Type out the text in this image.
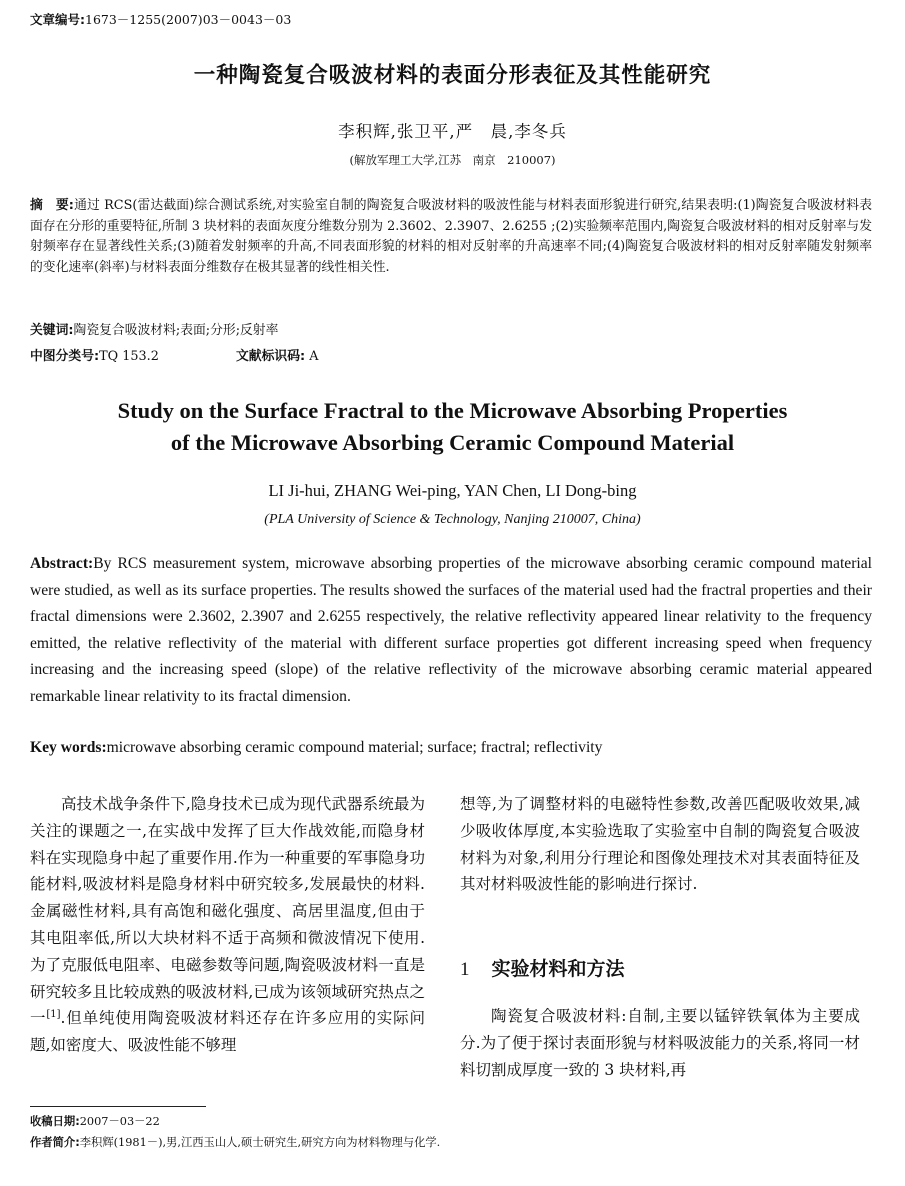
文章编号:1673－1255(2007)03－0043－03
一种陶瓷复合吸波材料的表面分形表征及其性能研究
李积辉,张卫平,严　晨,李冬兵
(解放军理工大学,江苏　南京　210007)
摘　要:通过 RCS(雷达截面)综合测试系统,对实验室自制的陶瓷复合吸波材料的吸波性能与材料表面形貌进行研究,结果表明:(1)陶瓷复合吸波材料表面存在分形的重要特征,所制 3 块材料的表面灰度分维数分别为 2.3602、2.3907、2.6255 ;(2)实验频率范围内,陶瓷复合吸波材料的相对反射率与发射频率存在显著线性关系;(3)随着发射频率的升高,不同表面形貌的材料的相对反射率的升高速率不同;(4)陶瓷复合吸波材料的相对反射率随发射频率的变化速率(斜率)与材料表面分维数存在极其显著的线性相关性.
关键词:陶瓷复合吸波材料;表面;分形;反射率
中图分类号:TQ 153.2	文献标识码: A
Study on the Surface Fractral to the Microwave Absorbing Properties
of the Microwave Absorbing Ceramic Compound Material
LI Ji-hui, ZHANG Wei-ping, YAN Chen, LI Dong-bing
(PLA University of Science & Technology, Nanjing 210007, China)
Abstract:By RCS measurement system, microwave absorbing properties of the microwave absorbing ceramic compound material were studied, as well as its surface properties. The results showed the surfaces of the material used had the fractral properties and their fractal dimensions were 2.3602, 2.3907 and 2.6255 respectively, the relative reflectivity appeared linear relativity to the frequency emitted, the relative reflectivity of the material with different surface properties got different increasing speed when frequency increasing and the increasing speed (slope) of the relative reflectivity of the microwave absorbing ceramic material appeared remarkable linear relativity to its fractal dimension.
Key words:microwave absorbing ceramic compound material; surface; fractral; reflectivity
高技术战争条件下,隐身技术已成为现代武器系统最为关注的课题之一,在实战中发挥了巨大作战效能,而隐身材料在实现隐身中起了重要作用.作为一种重要的军事隐身功能材料,吸波材料是隐身材料中研究较多,发展最快的材料.金属磁性材料,具有高饱和磁化强度、高居里温度,但由于其电阻率低,所以大块材料不适于高频和微波情况下使用.为了克服低电阻率、电磁参数等问题,陶瓷吸波材料一直是研究较多且比较成熟的吸波材料,已成为该领域研究热点之一[1].但单纯使用陶瓷吸波材料还存在许多应用的实际问题,如密度大、吸波性能不够理
想等,为了调整材料的电磁特性参数,改善匹配吸收效果,减少吸收体厚度,本实验选取了实验室中自制的陶瓷复合吸波材料为对象,利用分行理论和图像处理技术对其表面特征及其对材料吸波性能的影响进行探讨.
1 实验材料和方法
陶瓷复合吸波材料:自制,主要以锰锌铁氧体为主要成分.为了便于探讨表面形貌与材料吸波能力的关系,将同一材料切割成厚度一致的 3 块材料,再
收稿日期:2007－03－22
作者简介:李积辉(1981－),男,江西玉山人,硕士研究生,研究方向为材料物理与化学.
